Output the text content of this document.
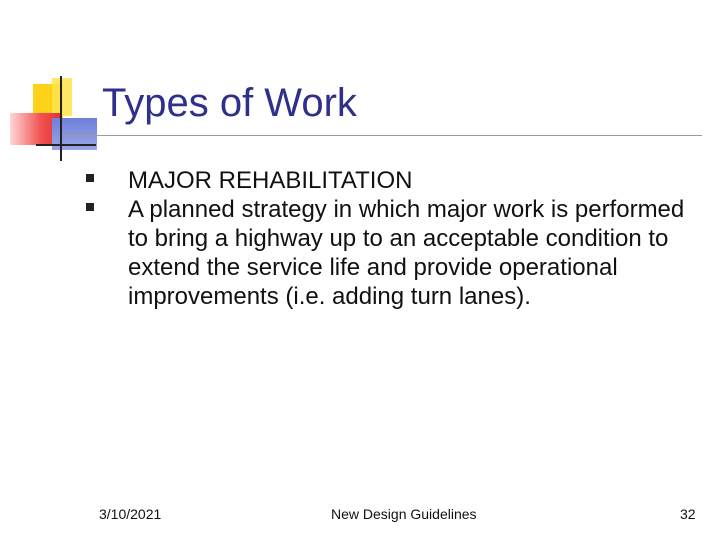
Types of Work
MAJOR REHABILITATION
A planned strategy in which major work is performed to bring a highway up to an acceptable condition to extend the service life and provide operational improvements (i.e. adding turn lanes).
3/10/2021	New Design Guidelines	32
